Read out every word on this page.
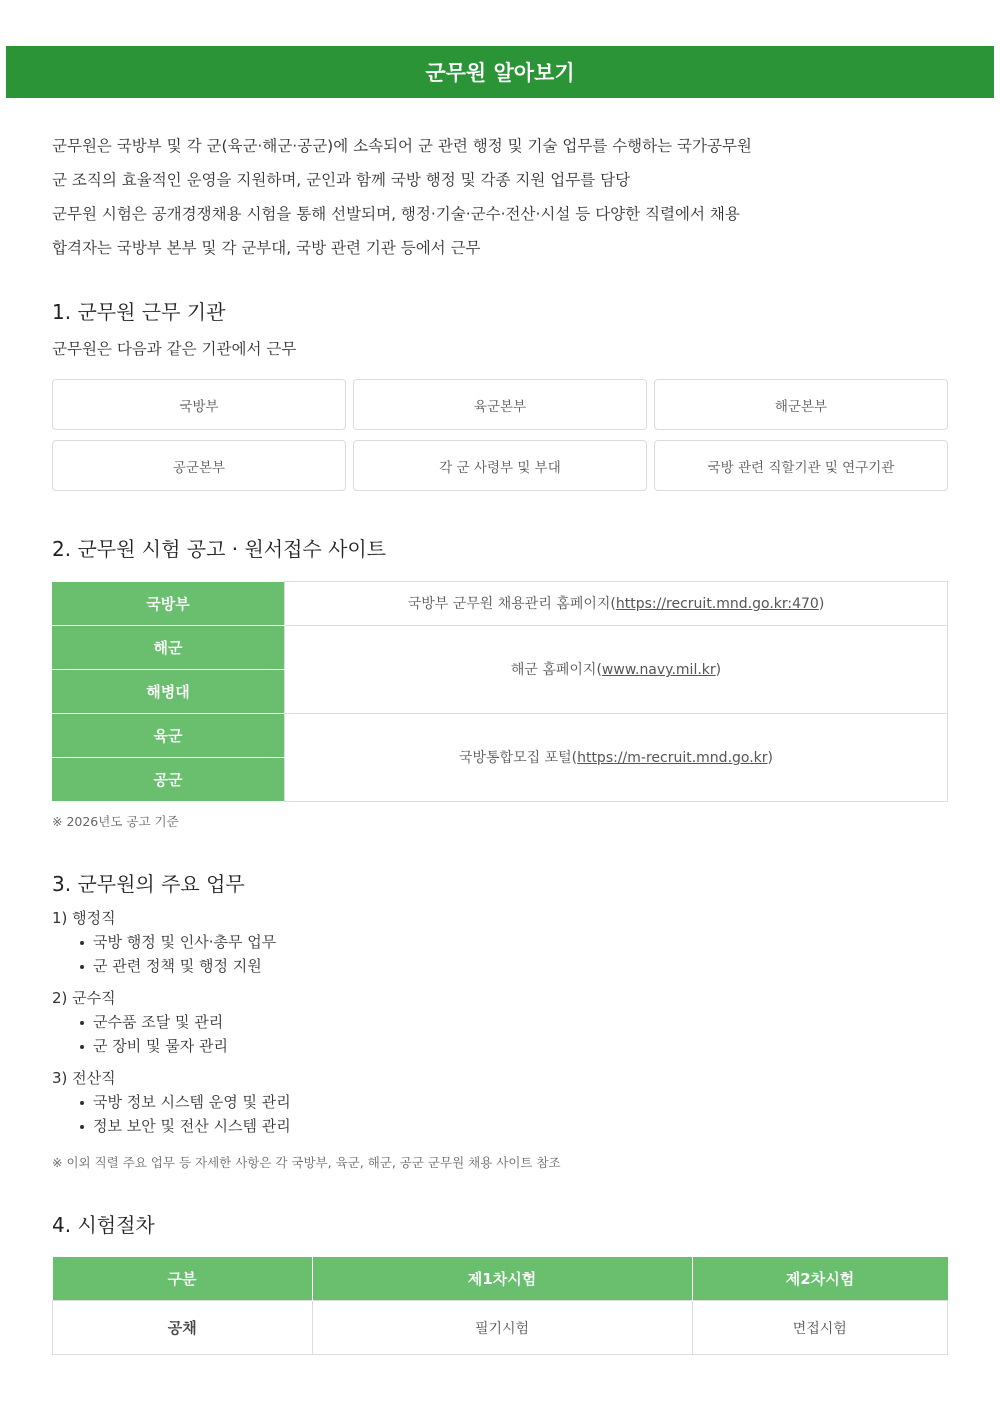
군무원 알아보기

군무원은 국방부 및 각 군(육군·해군·공군)에 소속되어 군 관련 행정 및 기술 업무를 수행하는 국가공무원

군 조직의 효율적인 운영을 지원하며, 군인과 함께 국방 행정 및 각종 지원 업무를 담당

군무원 시험은 공개경쟁채용 시험을 통해 선발되며, 행정·기술·군수·전산·시설 등 다양한 직렬에서 채용

합격자는 국방부 본부 및 각 군부대, 국방 관련 기관 등에서 근무

1. 군무원 근무 기관

군무원은 다음과 같은 기관에서 근무

국방부	육군본부	해군본부
공군본부	각 군 사령부 및 부대	국방 관련 직할기관 및 연구기관
2. 군무원 시험 공고 · 원서접수 사이트
국방부	국방부 군무원 채용관리 홈페이지(https://recruit.mnd.go.kr:470)
해군	해군 홈페이지(www.navy.mil.kr)
해병대	
육군	국방통합모집 포털(https://m-recruit.mnd.go.kr)
공군	
※ 2026년도 공고 기준
3. 군무원의 주요 업무
1) 행정직
국방 행정 및 인사·총무 업무
군 관련 정책 및 행정 지원
2) 군수직
군수품 조달 및 관리
군 장비 및 물자 관리
3) 전산직
국방 정보 시스템 운영 및 관리
정보 보안 및 전산 시스템 관리
※ 이외 직렬 주요 업무 등 자세한 사항은 각 국방부, 육군, 해군, 공군 군무원 채용 사이트 참조
4. 시험절차
구분	제1차시험	제2차시험
공채	필기시험	면접시험
